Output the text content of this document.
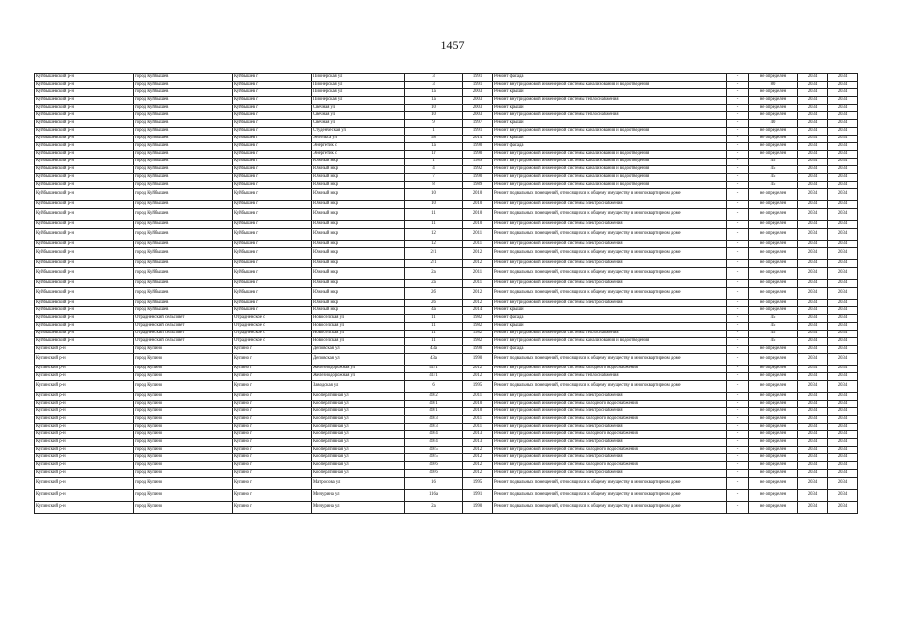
1457
Куйбышевский р-н	город Куйбышев	Куйбышев г	Пионерская ул	3	1991	Ремонт фасада	-	не определен	2034	2034
Куйбышевский р-н	город Куйбышев	Куйбышев г	Пионерская ул	3	1991	Ремонт внутридомовой инженерной системы канализования и водоотведения	-	80	2034	2034
Куйбышевский р-н	город Куйбышев	Куйбышев г	Пионерская ул	1а	2003	Ремонт крыши	-	не определен	2034	2034
Куйбышевский р-н	город Куйбышев	Куйбышев г	Пионерская ул	1а	2003	Ремонт внутридомовой инженерной системы теплоснабжения	-	не определен	2034	2034
Куйбышевский р-н	город Куйбышев	Куйбышев г	Свечная ул	10	2003	Ремонт крыши	-	не определен	2034	2034
Куйбышевский р-н	город Куйбышев	Куйбышев г	Свечная ул	10	2003	Ремонт внутридомовой инженерной системы теплоснабжения	-	не определен	2034	2034
Куйбышевский р-н	город Куйбышев	Куйбышев г	Свечная ул	9	1997	Ремонт крыши	-	40	2034	2034
Куйбышевский р-н	город Куйбышев	Куйбышев г	Студенческая ул	1	1991	Ремонт внутридомовой инженерной системы канализования и водоотведения	-	не определен	2034	2034
Куйбышевский р-н	город Куйбышев	Куйбышев г	Энгельса ул	58	2014	Ремонт крыши	-	не определен	2034	2034
Куйбышевский р-н	город Куйбышев	Куйбышев г	Энергетик с	1а	1990	Ремонт фасада	-	не определен	2034	2034
Куйбышевский р-н	город Куйбышев	Куйбышев г	Энергетик с	1г	1990	Ремонт внутридомовой инженерной системы канализования и водоотведения	-	не определен	2034	2034
Куйбышевский р-н	город Куйбышев	Куйбышев г	Южный мкр	1	1989	Ремонт внутридомовой инженерной системы канализования и водоотведения	-	45	2034	2034
Куйбышевский р-н	город Куйбышев	Куйбышев г	Южный мкр	4	1992	Ремонт внутридомовой инженерной системы канализования и водоотведения	-	45	2034	2034
Куйбышевский р-н	город Куйбышев	Куйбышев г	Южный мкр	7	1990	Ремонт внутридомовой инженерной системы канализования и водоотведения	-	45	2034	2034
Куйбышевский р-н	город Куйбышев	Куйбышев г	Южный мкр	8	1989	Ремонт внутридомовой инженерной системы канализования и водоотведения	-	45	2034	2034
Куйбышевский р-н	город Куйбышев	Куйбышев г	Южный мкр	10	2010	Ремонт подвальных помещений, относящихся к общему имуществу в многоквартирном доме	-	не определен	2034	2034
Куйбышевский р-н	город Куйбышев	Куйбышев г	Южный мкр	10	2010	Ремонт внутридомовой инженерной системы электроснабжения	-	не определен	2034	2034
Куйбышевский р-н	город Куйбышев	Куйбышев г	Южный мкр	11	2010	Ремонт подвальных помещений, относящихся к общему имуществу в многоквартирном доме	-	не определен	2034	2034
Куйбышевский р-н	город Куйбышев	Куйбышев г	Южный мкр	11	2010	Ремонт внутридомовой инженерной системы электроснабжения	-	не определен	2034	2034
Куйбышевский р-н	город Куйбышев	Куйбышев г	Южный мкр	12	2011	Ремонт подвальных помещений, относящихся к общему имуществу в многоквартирном доме	-	не определен	2034	2034
Куйбышевский р-н	город Куйбышев	Куйбышев г	Южный мкр	12	2011	Ремонт внутридомовой инженерной системы электроснабжения	-	не определен	2034	2034
Куйбышевский р-н	город Куйбышев	Куйбышев г	Южный мкр	2/1	2012	Ремонт подвальных помещений, относящихся к общему имуществу в многоквартирном доме	-	не определен	2034	2034
Куйбышевский р-н	город Куйбышев	Куйбышев г	Южный мкр	2/1	2012	Ремонт внутридомовой инженерной системы электроснабжения	-	не определен	2034	2034
Куйбышевский р-н	город Куйбышев	Куйбышев г	Южный мкр	2а	2011	Ремонт подвальных помещений, относящихся к общему имуществу в многоквартирном доме	-	не определен	2034	2034
Куйбышевский р-н	город Куйбышев	Куйбышев г	Южный мкр	2а	2011	Ремонт внутридомовой инженерной системы электроснабжения	-	не определен	2034	2034
Куйбышевский р-н	город Куйбышев	Куйбышев г	Южный мкр	2б	2012	Ремонт подвальных помещений, относящихся к общему имуществу в многоквартирном доме	-	не определен	2034	2034
Куйбышевский р-н	город Куйбышев	Куйбышев г	Южный мкр	2б	2012	Ремонт внутридомовой инженерной системы электроснабжения	-	не определен	2034	2034
Куйбышевский р-н	город Куйбышев	Куйбышев г	Южный мкр	4а	2014	Ремонт крыши	-	не определен	2034	2034
Куйбышевский р-н	Отрадненский сельсовет	Отрадненское с	Новоселская ул	11	1982	Ремонт фасада	-	45	2034	2034
Куйбышевский р-н	Отрадненский сельсовет	Отрадненское с	Новоселская ул	11	1982	Ремонт крыши	-	45	2034	2034
Куйбышевский р-н	Отрадненский сельсовет	Отрадненское с	Новоселская ул	11	1982	Ремонт внутридомовой инженерной системы теплоснабжения	-	45	2034	2034
Куйбышевский р-н	Отрадненский сельсовет	Отрадненское с	Новоселская ул	11	1982	Ремонт внутридомовой инженерной системы канализования и водоотведения	-	45	2034	2034
Купинский р-н	город Купино	Купино г	Деповская ул	43а	1990	Ремонт фасада	-	не определен	2034	2034
Купинский р-н	город Купино	Купино г	Деповская ул	43а	1990	Ремонт подвальных помещений, относящихся к общему имуществу в многоквартирном доме	-	не определен	2034	2034
Купинский р-н	город Купино	Купино г	Железнодорожная ул	41/1	2012	Ремонт внутридомовой инженерной системы холодного водоснабжения	-	не определен	2034	2034
Купинский р-н	город Купино	Купино г	Железнодорожная ул	41/1	2012	Ремонт внутридомовой инженерной системы теплоснабжения	-	не определен	2034	2034
Купинский р-н	город Купино	Купино г	Заводская ул	6	1995	Ремонт подвальных помещений, относящихся к общему имуществу в многоквартирном доме	-	не определен	2034	2034
Купинский р-н	город Купино	Купино г	Кооперативная ул	49/2	2011	Ремонт внутридомовой инженерной системы электроснабжения	-	не определен	2034	2034
Купинский р-н	город Купино	Купино г	Кооперативная ул	49/1	2010	Ремонт внутридомовой инженерной системы холодного водоснабжения	-	не определен	2034	2034
Купинский р-н	город Купино	Купино г	Кооперативная ул	49/1	2010	Ремонт внутридомовой инженерной системы электроснабжения	-	не определен	2034	2034
Купинский р-н	город Купино	Купино г	Кооперативная ул	49/3	2011	Ремонт внутридомовой инженерной системы холодного водоснабжения	-	не определен	2034	2034
Купинский р-н	город Купино	Купино г	Кооперативная ул	49/3	2011	Ремонт внутридомовой инженерной системы электроснабжения	-	не определен	2034	2034
Купинский р-н	город Купино	Купино г	Кооперативная ул	49/4	2013	Ремонт внутридомовой инженерной системы холодного водоснабжения	-	не определен	2034	2034
Купинский р-н	город Купино	Купино г	Кооперативная ул	49/4	2013	Ремонт внутридомовой инженерной системы электроснабжения	-	не определен	2034	2034
Купинский р-н	город Купино	Купино г	Кооперативная ул	49/5	2012	Ремонт внутридомовой инженерной системы холодного водоснабжения	-	не определен	2034	2034
Купинский р-н	город Купино	Купино г	Кооперативная ул	49/5	2012	Ремонт внутридомовой инженерной системы электроснабжения	-	не определен	2034	2034
Купинский р-н	город Купино	Купино г	Кооперативная ул	49/6	2012	Ремонт внутридомовой инженерной системы холодного водоснабжения	-	не определен	2034	2034
Купинский р-н	город Купино	Купино г	Кооперативная ул	49/6	2012	Ремонт внутридомовой инженерной системы электроснабжения	-	не определен	2034	2034
Купинский р-н	город Купино	Купино г	Матросова ул	16	1995	Ремонт подвальных помещений, относящихся к общему имуществу в многоквартирном доме	-	не определен	2034	2034
Купинский р-н	город Купино	Купино г	Мичурина ул	116а	1991	Ремонт подвальных помещений, относящихся к общему имуществу в многоквартирном доме	-	не определен	2034	2034
Купинский р-н	город Купино	Купино г	Мичурина ул	2а	1990	Ремонт подвальных помещений, относящихся к общему имуществу в многоквартирном доме	-	не определен	2034	2034
